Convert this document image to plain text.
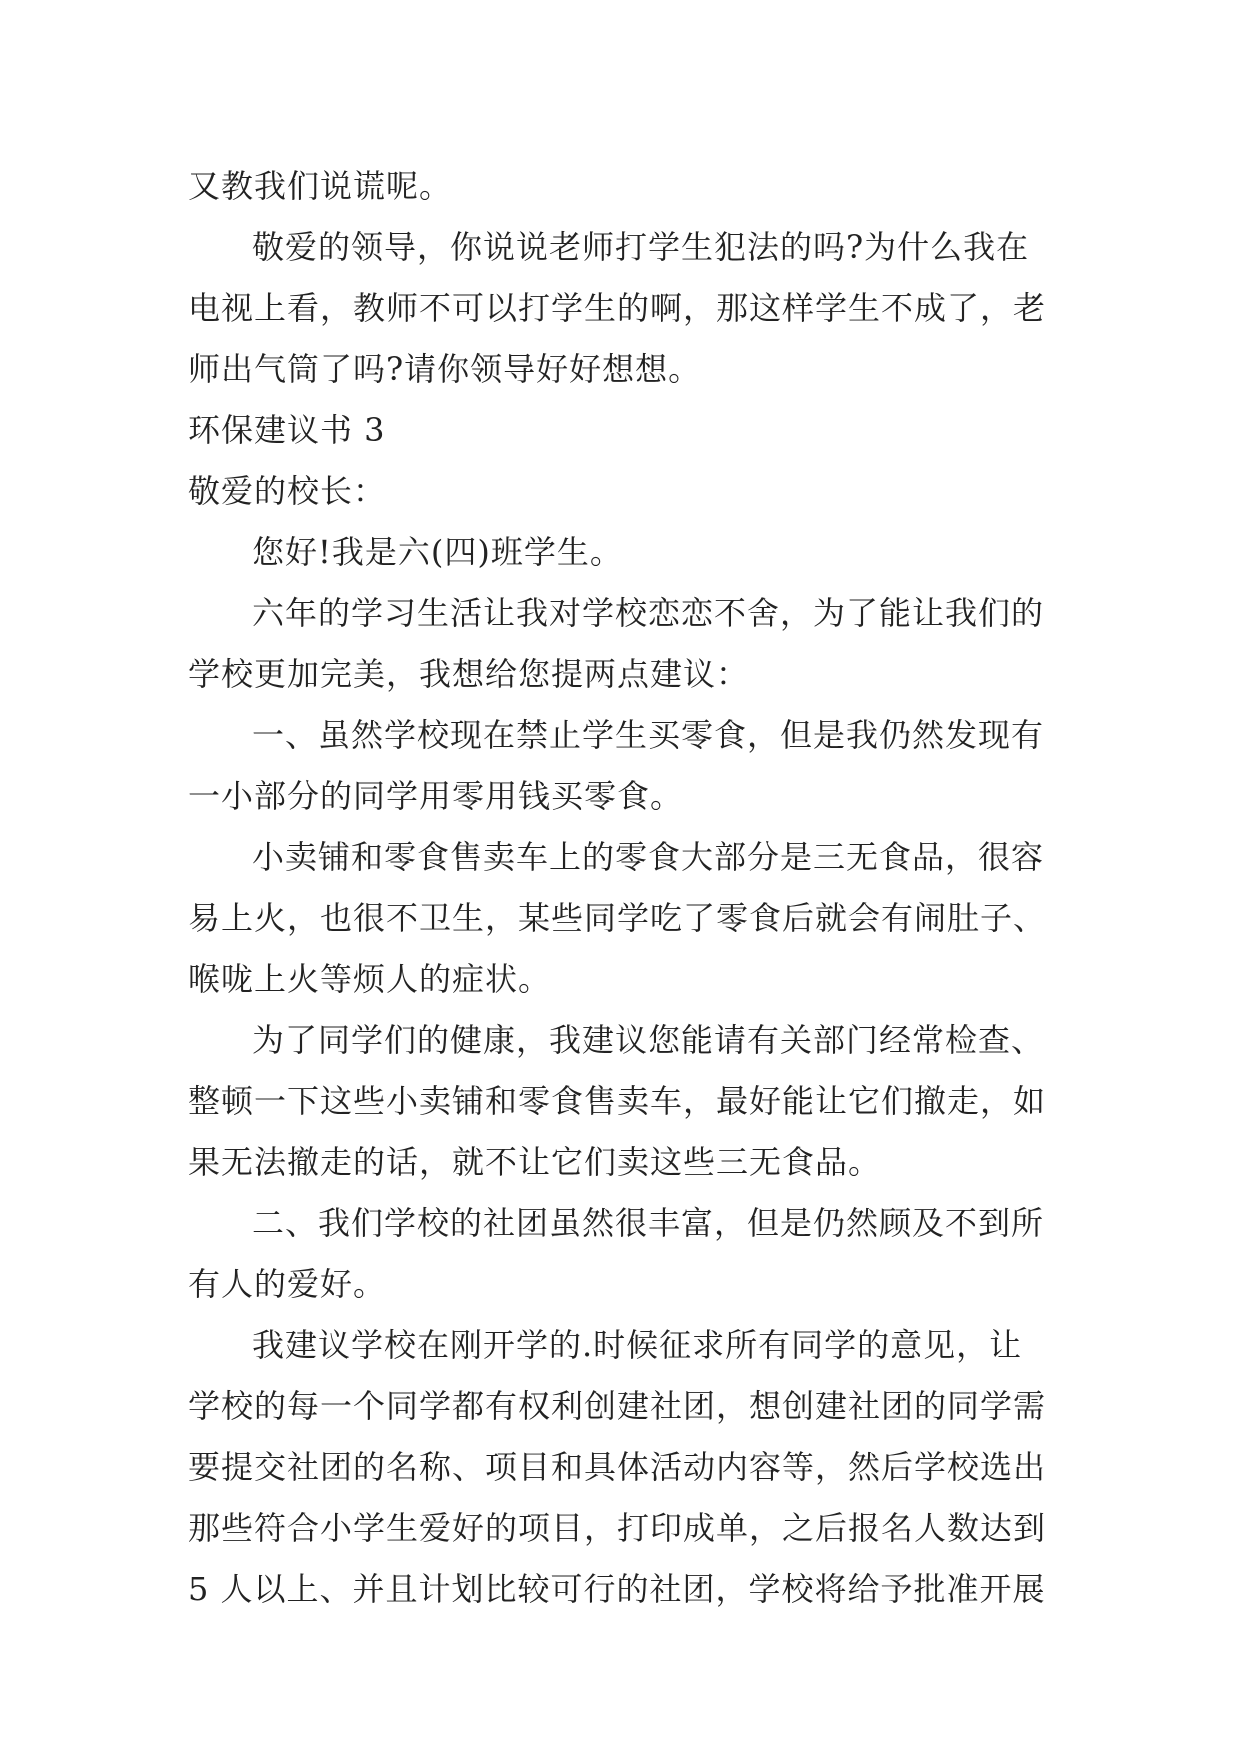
又教我们说谎呢。
敬爱的领导，你说说老师打学生犯法的吗?为什么我在
电视上看，教师不可以打学生的啊，那这样学生不成了，老
师出气筒了吗?请你领导好好想想。
环保建议书 3
敬爱的校长：
您好!我是六(四)班学生。
六年的学习生活让我对学校恋恋不舍，为了能让我们的
学校更加完美，我想给您提两点建议：
一、虽然学校现在禁止学生买零食，但是我仍然发现有
一小部分的同学用零用钱买零食。
小卖铺和零食售卖车上的零食大部分是三无食品，很容
易上火，也很不卫生，某些同学吃了零食后就会有闹肚子、
喉咙上火等烦人的症状。
为了同学们的健康，我建议您能请有关部门经常检查、
整顿一下这些小卖铺和零食售卖车，最好能让它们撤走，如
果无法撤走的话，就不让它们卖这些三无食品。
二、我们学校的社团虽然很丰富，但是仍然顾及不到所
有人的爱好。
我建议学校在刚开学的.时候征求所有同学的意见，让
学校的每一个同学都有权利创建社团，想创建社团的同学需
要提交社团的名称、项目和具体活动内容等，然后学校选出
那些符合小学生爱好的项目，打印成单，之后报名人数达到
5 人以上、并且计划比较可行的社团，学校将给予批准开展
